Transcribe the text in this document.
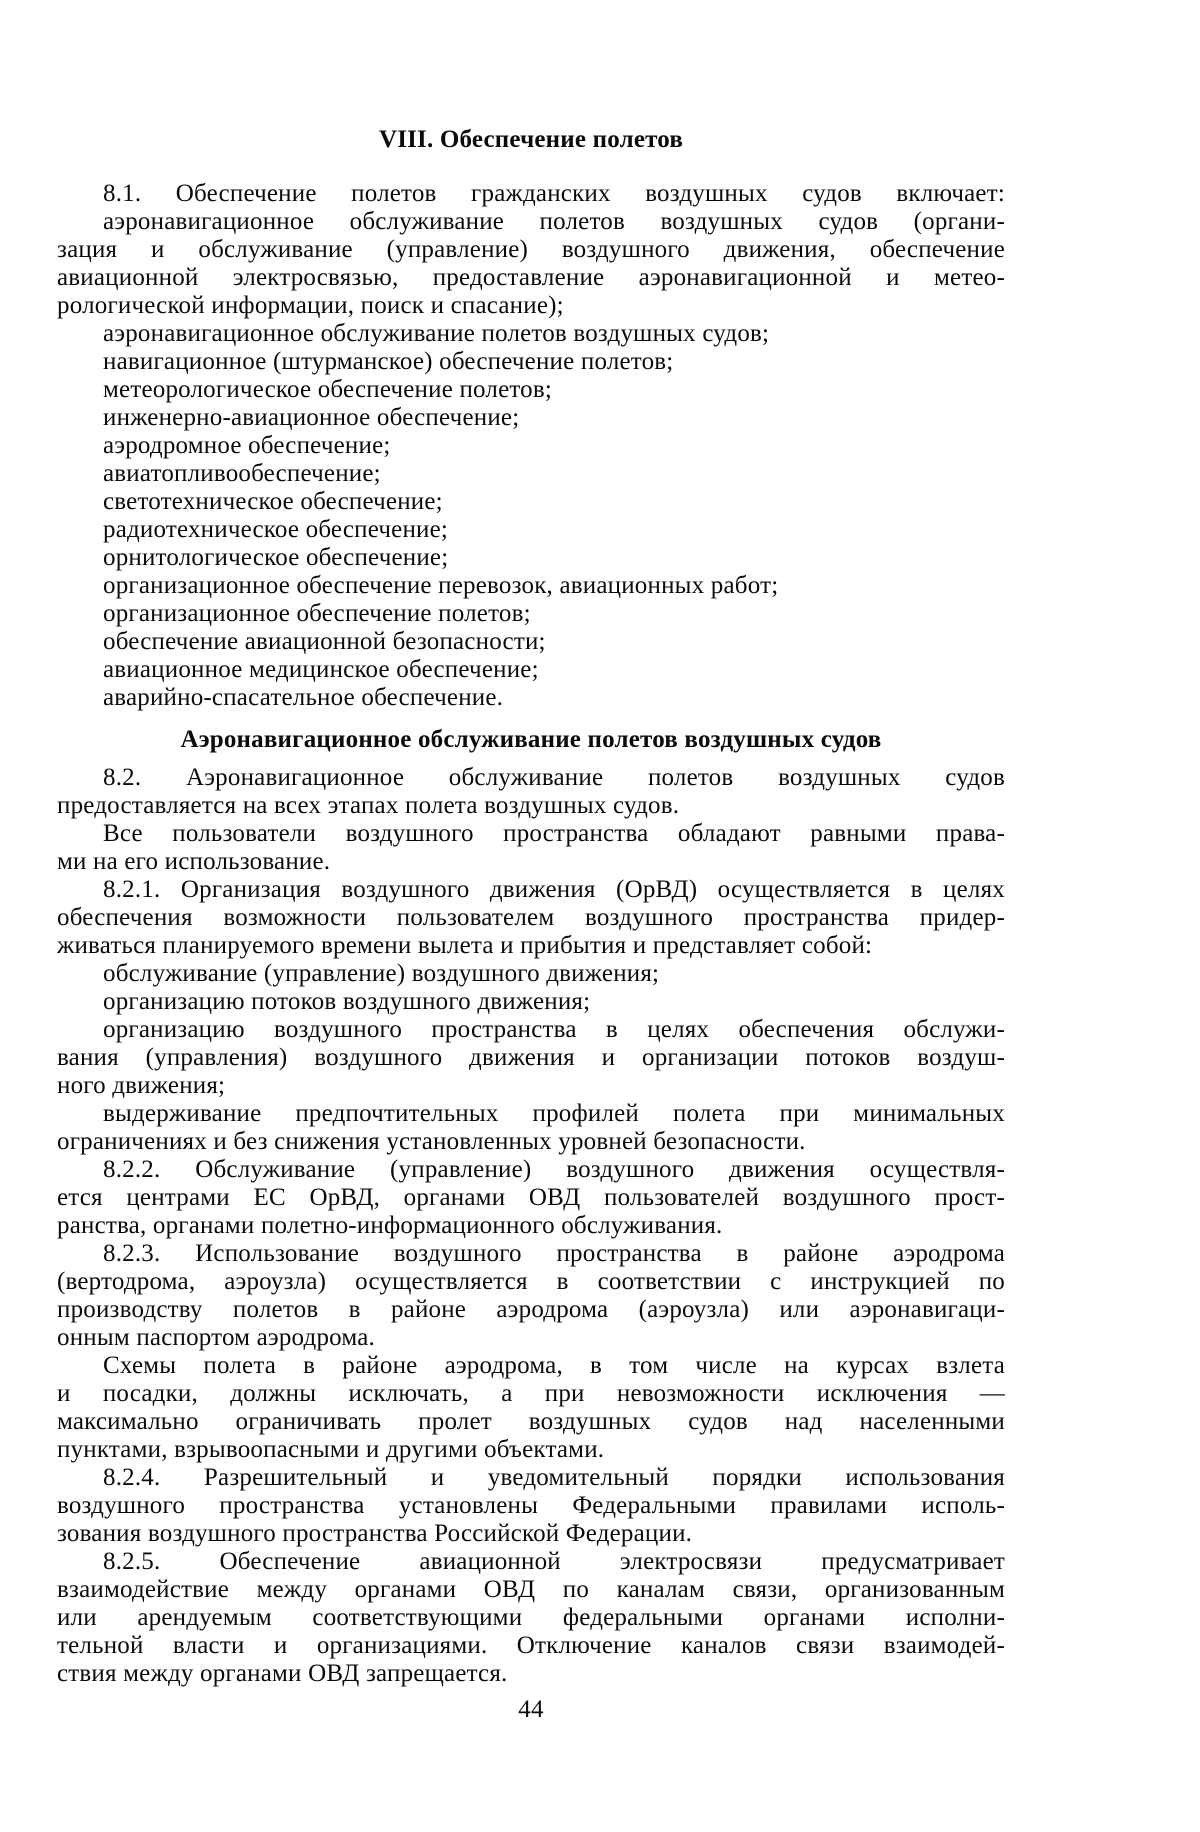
VIII. Обеспечение полетов
8.1. Обеспечение полетов гражданских воздушных судов включает:
аэронавигационное обслуживание полетов воздушных судов (органи-
зация и обслуживание (управление) воздушного движения, обеспечение
авиационной электросвязью, предоставление аэронавигационной и метео-
рологической информации, поиск и спасание);
аэронавигационное обслуживание полетов воздушных судов;
навигационное (штурманское) обеспечение полетов;
метеорологическое обеспечение полетов;
инженерно-авиационное обеспечение;
аэродромное обеспечение;
авиатопливообеспечение;
светотехническое обеспечение;
радиотехническое обеспечение;
орнитологическое обеспечение;
организационное обеспечение перевозок, авиационных работ;
организационное обеспечение полетов;
обеспечение авиационной безопасности;
авиационное медицинское обеспечение;
аварийно-спасательное обеспечение.
Аэронавигационное обслуживание полетов воздушных судов
8.2. Аэронавигационное обслуживание полетов воздушных судов
предоставляется на всех этапах полета воздушных судов.
Все пользователи воздушного пространства обладают равными права-
ми на его использование.
8.2.1. Организация воздушного движения (ОрВД) осуществляется в целях
обеспечения возможности пользователем воздушного пространства придер-
живаться планируемого времени вылета и прибытия и представляет собой:
обслуживание (управление) воздушного движения;
организацию потоков воздушного движения;
организацию воздушного пространства в целях обеспечения обслужи-
вания (управления) воздушного движения и организации потоков воздуш-
ного движения;
выдерживание предпочтительных профилей полета при минимальных
ограничениях и без снижения установленных уровней безопасности.
8.2.2. Обслуживание (управление) воздушного движения осуществля-
ется центрами ЕС ОрВД, органами ОВД пользователей воздушного прост-
ранства, органами полетно-информационного обслуживания.
8.2.3. Использование воздушного пространства в районе аэродрома
(вертодрома, аэроузла) осуществляется в соответствии с инструкцией по
производству полетов в районе аэродрома (аэроузла) или аэронавигаци-
онным паспортом аэродрома.
Схемы полета в районе аэродрома, в том числе на курсах взлета
и посадки, должны исключать, а при невозможности исключения —
максимально ограничивать пролет воздушных судов над населенными
пунктами, взрывоопасными и другими объектами.
8.2.4. Разрешительный и уведомительный порядки использования
воздушного пространства установлены Федеральными правилами исполь-
зования воздушного пространства Российской Федерации.
8.2.5. Обеспечение авиационной электросвязи предусматривает
взаимодействие между органами ОВД по каналам связи, организованным
или арендуемым соответствующими федеральными органами исполни-
тельной власти и организациями. Отключение каналов связи взаимодей-
ствия между органами ОВД запрещается.
44
